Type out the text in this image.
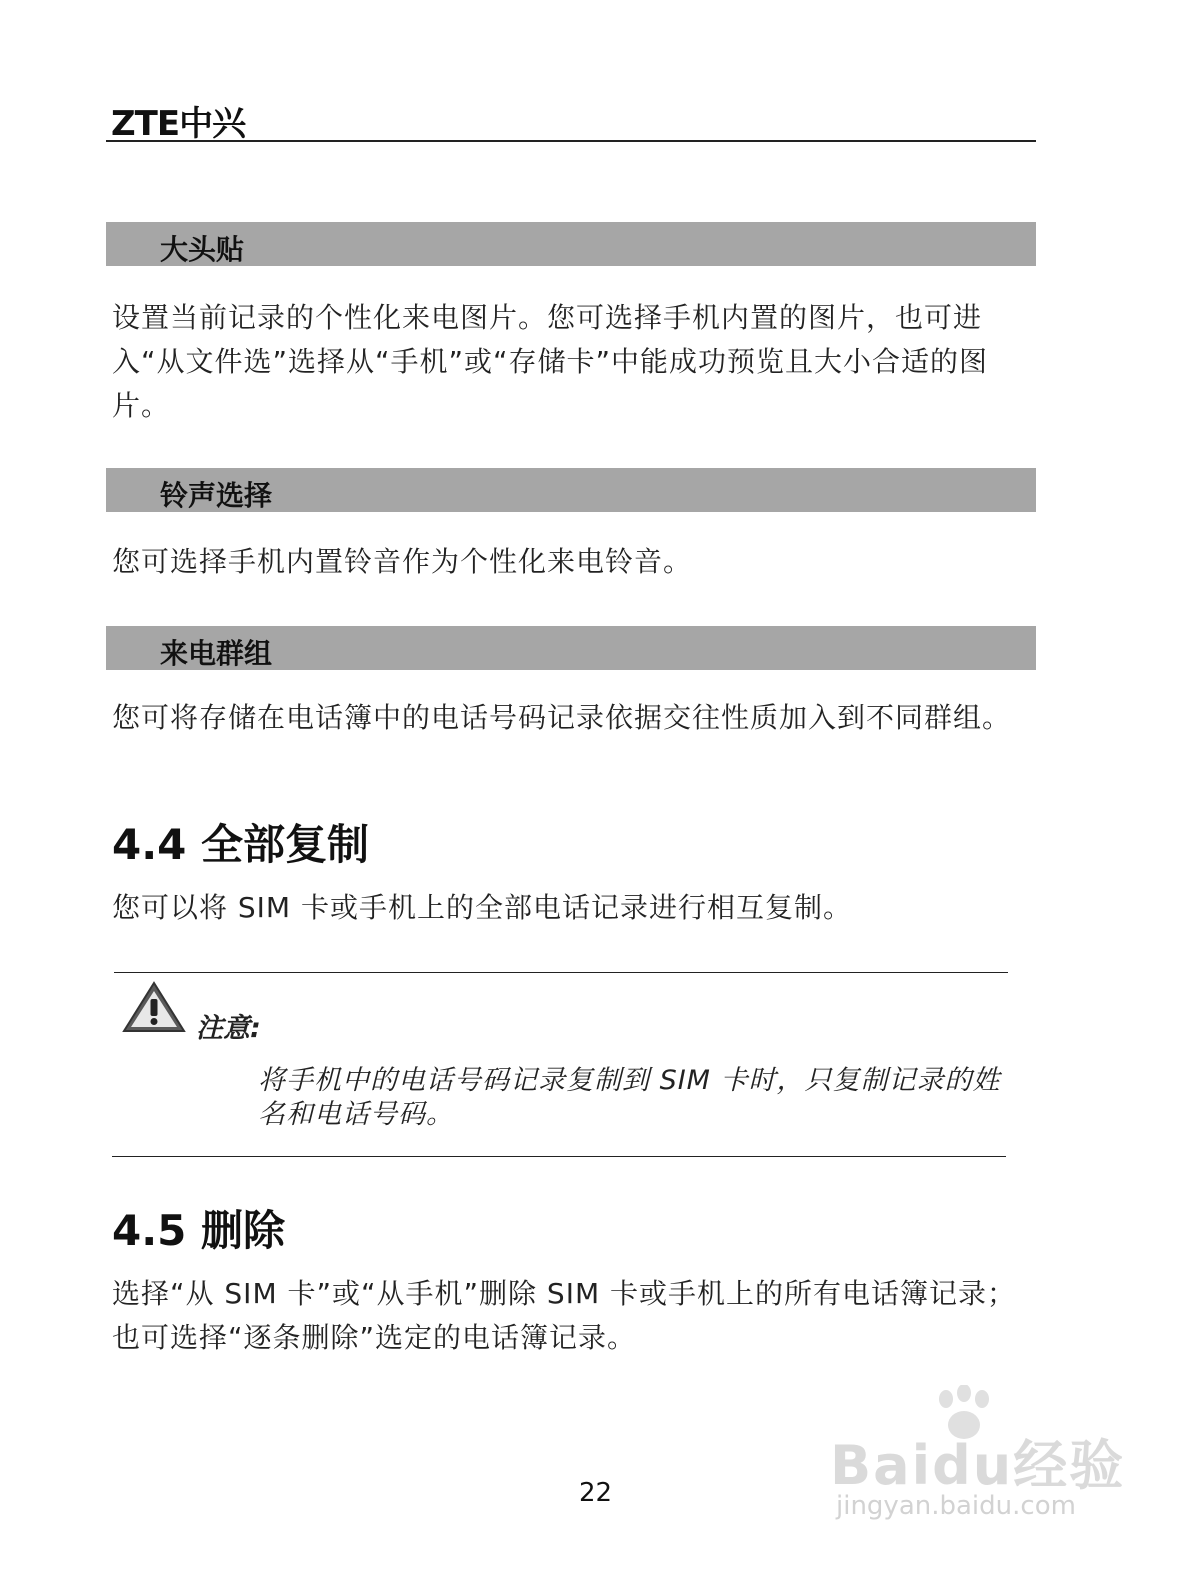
ZTE中兴
大头贴
设置当前记录的个性化来电图片。您可选择手机内置的图片，也可进入“从文件选”选择从“手机”或“存储卡”中能成功预览且大小合适的图片。
铃声选择
您可选择手机内置铃音作为个性化来电铃音。
来电群组
您可将存储在电话簿中的电话号码记录依据交往性质加入到不同群组。
4.4 全部复制
您可以将 SIM 卡或手机上的全部电话记录进行相互复制。
注意:
将手机中的电话号码记录复制到 SIM 卡时，只复制记录的姓名和电话号码。
4.5 删除
选择“从 SIM 卡”或“从手机”删除 SIM 卡或手机上的所有电话簿记录；也可选择“逐条删除”选定的电话簿记录。
22	Baidu经验
jingyan.baidu.com
